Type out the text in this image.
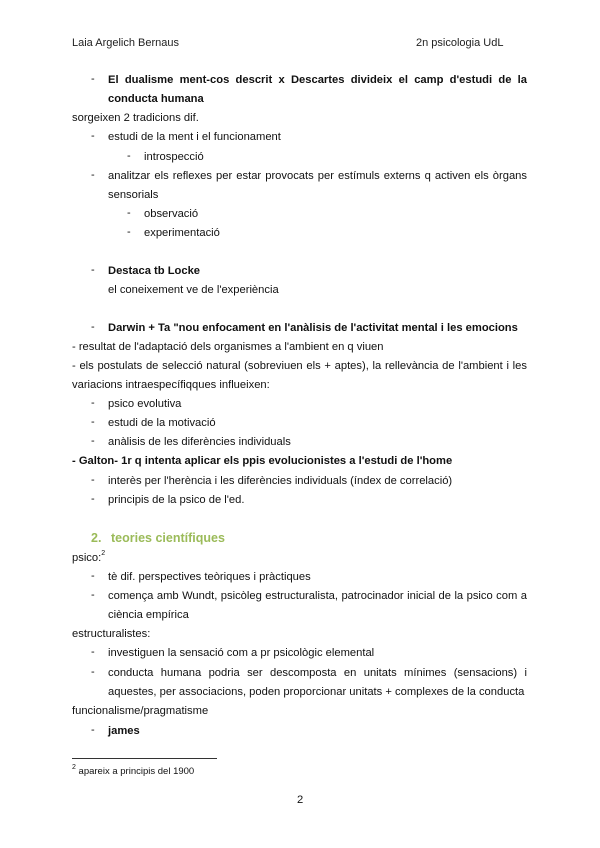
Laia Argelich Bernaus	2n psicologia UdL
- El dualisme ment-cos descrit x Descartes divideix el camp d'estudi de la
conducta humana
sorgeixen 2 tradicions dif.
- estudi de la ment i el funcionament
- introspecció
- analitzar els reflexes per estar provocats per estímuls externs q activen els òrgans
sensorials
- observació
- experimentació
- Destaca tb Locke
el coneixement ve de l'experiència
- Darwin + Ta "nou enfocament en l'anàlisis de l'activitat mental i les emocions
- resultat de l'adaptació dels organismes a l'ambient en q viuen
- els postulats de selecció natural (sobreviuen els + aptes), la rellevància de l'ambient i les
variacions intraespecífiqques influeixen:
- psico evolutiva
- estudi de la motivació
- anàlisis de les diferències individuals
- Galton- 1r q intenta aplicar els ppis evolucionistes a l'estudi de l'home
- interès per l'herència i les diferències individuals (índex de correlació)
- principis de la psico de l'ed.
2. teories científiques
psico:$^2$
- tè dif. perspectives teòriques i pràctiques
- comença amb Wundt, psicòleg estructuralista, patrocinador inicial de la psico com a
ciència empírica
estructuralistes:
- investiguen la sensació com a pr psicològic elemental
- conducta humana podria ser descomposta en unitats mínimes (sensacions) i
aquestes, per associacions, poden proporcionar unitats + complexes de la conducta
funcionalisme/pragmatisme
- james
$^2$ apareix a principis del 1900
2
